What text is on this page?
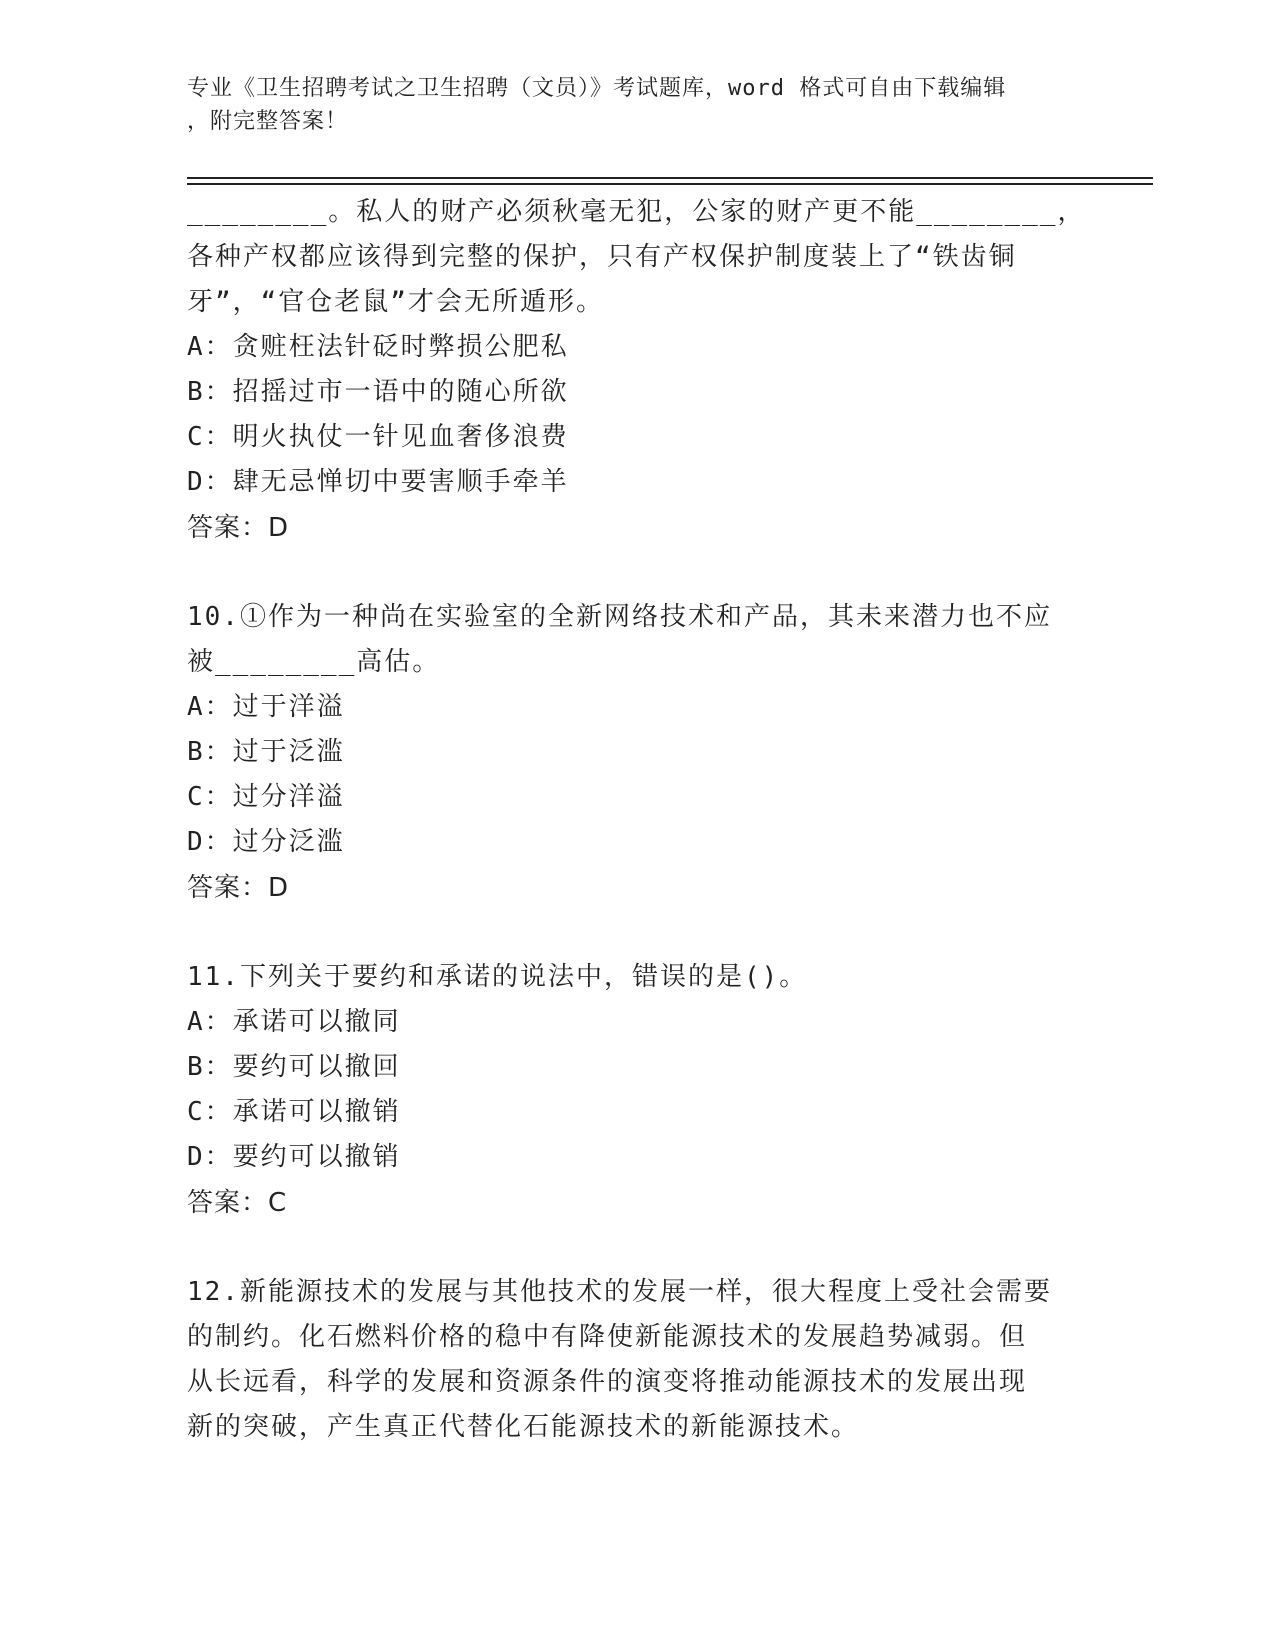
专业《卫生招聘考试之卫生招聘（文员）》考试题库，word 格式可自由下载编辑
，附完整答案！
________。私人的财产必须秋毫无犯，公家的财产更不能________，
各种产权都应该得到完整的保护，只有产权保护制度装上了“铁齿铜
牙”，“官仓老鼠”才会无所遁形。
A：贪赃枉法针砭时弊损公肥私
B：招摇过市一语中的随心所欲
C：明火执仗一针见血奢侈浪费
D：肆无忌惮切中要害顺手牵羊
答案：D
10.①作为一种尚在实验室的全新网络技术和产品，其未来潜力也不应
被________高估。
A：过于洋溢
B：过于泛滥
C：过分洋溢
D：过分泛滥
答案：D
11.下列关于要约和承诺的说法中，错误的是()。
A：承诺可以撤同
B：要约可以撤回
C：承诺可以撤销
D：要约可以撤销
答案：C
12.新能源技术的发展与其他技术的发展一样，很大程度上受社会需要
的制约。化石燃料价格的稳中有降使新能源技术的发展趋势减弱。但
从长远看，科学的发展和资源条件的演变将推动能源技术的发展出现
新的突破，产生真正代替化石能源技术的新能源技术。
